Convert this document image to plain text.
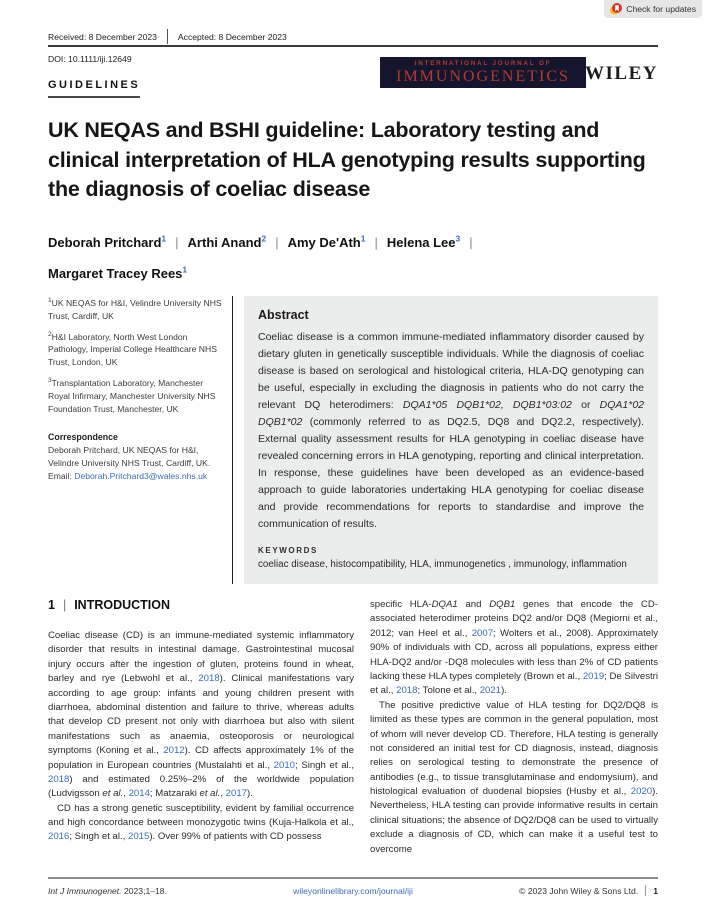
Check for updates
Received: 8 December 2023 Accepted: 8 December 2023
DOI: 10.1111/iji.12649
GUIDELINES
INTERNATIONAL JOURNAL OF
IMMUNOGENETICS WILEY
UK NEQAS and BSHI guideline: Laboratory testing and clinical interpretation of HLA genotyping results supporting the diagnosis of coeliac disease
Deborah Pritchard$^1$ | Arthi Anand$^2$ | Amy De'Ath$^1$ | Helena Lee$^3$ |
Margaret Tracey Rees$^1$
$^1$UK NEQAS for H&I, Velindre University NHS Trust, Cardiff, UK
$^2$H&I Laboratory, North West London Pathology, Imperial College Healthcare NHS Trust, London, UK
$^3$Transplantation Laboratory, Manchester Royal Infirmary, Manchester University NHS Foundation Trust, Manchester, UK
Correspondence
Deborah Pritchard, UK NEQAS for H&I, Velindre University NHS Trust, Cardiff, UK.
Email: Deborah.Pritchard3@wales.nhs.uk
Abstract

Coeliac disease is a common immune-mediated inflammatory disorder caused by dietary gluten in genetically susceptible individuals. While the diagnosis of coeliac disease is based on serological and histological criteria, HLA-DQ genotyping can be useful, especially in excluding the diagnosis in patients who do not carry the relevant DQ heterodimers: DQA1*05 DQB1*02, DQB1*03:02 or DQA1*02 DQB1*02 (commonly referred to as DQ2.5, DQ8 and DQ2.2, respectively). External quality assessment results for HLA genotyping in coeliac disease have revealed concerning errors in HLA genotyping, reporting and clinical interpretation. In response, these guidelines have been developed as an evidence-based approach to guide laboratories undertaking HLA genotyping for coeliac disease and provide recommendations for reports to standardise and improve the communication of results.

KEYWORDS
coeliac disease, histocompatibility, HLA, immunogenetics , immunology, inflammation
1 | INTRODUCTION

Coeliac disease (CD) is an immune-mediated systemic inflammatory disorder that results in intestinal damage. Gastrointestinal mucosal injury occurs after the ingestion of gluten, proteins found in wheat, barley and rye (Lebwohl et al., 2018). Clinical manifestations vary according to age group: infants and young children present with diarrhoea, abdominal distention and failure to thrive, whereas adults that develop CD present not only with diarrhoea but also with silent manifestations such as anaemia, osteoporosis or neurological symptoms (Koning et al., 2012). CD affects approximately 1% of the population in European countries (Mustalahti et al., 2010; Singh et al., 2018) and estimated 0.25%–2% of the worldwide population (Ludvigsson et al., 2014; Matzaraki et al., 2017).

CD has a strong genetic susceptibility, evident by familial occurrence and high concordance between monozygotic twins (Kuja-Halkola et al., 2016; Singh et al., 2015). Over 99% of patients with CD possess

specific HLA-DQA1 and DQB1 genes that encode the CD-associated heterodimer proteins DQ2 and/or DQ8 (Megiorni et al., 2012; van Heel et al., 2007; Wolters et al., 2008). Approximately 90% of individuals with CD, across all populations, express either HLA-DQ2 and/or -DQ8 molecules with less than 2% of CD patients lacking these HLA types completely (Brown et al., 2019; De Silvestri et al., 2018; Tolone et al., 2021).

The positive predictive value of HLA testing for DQ2/DQ8 is limited as these types are common in the general population, most of whom will never develop CD. Therefore, HLA testing is generally not considered an initial test for CD diagnosis, instead, diagnosis relies on serological testing to demonstrate the presence of antibodies (e.g., to tissue transglutaminase and endomysium), and histological evaluation of duodenal biopsies (Husby et al., 2020). Nevertheless, HLA testing can provide informative results in certain clinical situations; the absence of DQ2/DQ8 can be used to virtually exclude a diagnosis of CD, which can make it a useful test to overcome

Int J Immunogenet. 2023;1–18.	wileyonlinelibrary.com/journal/iji	© 2023 John Wiley & Sons Ltd. 1
